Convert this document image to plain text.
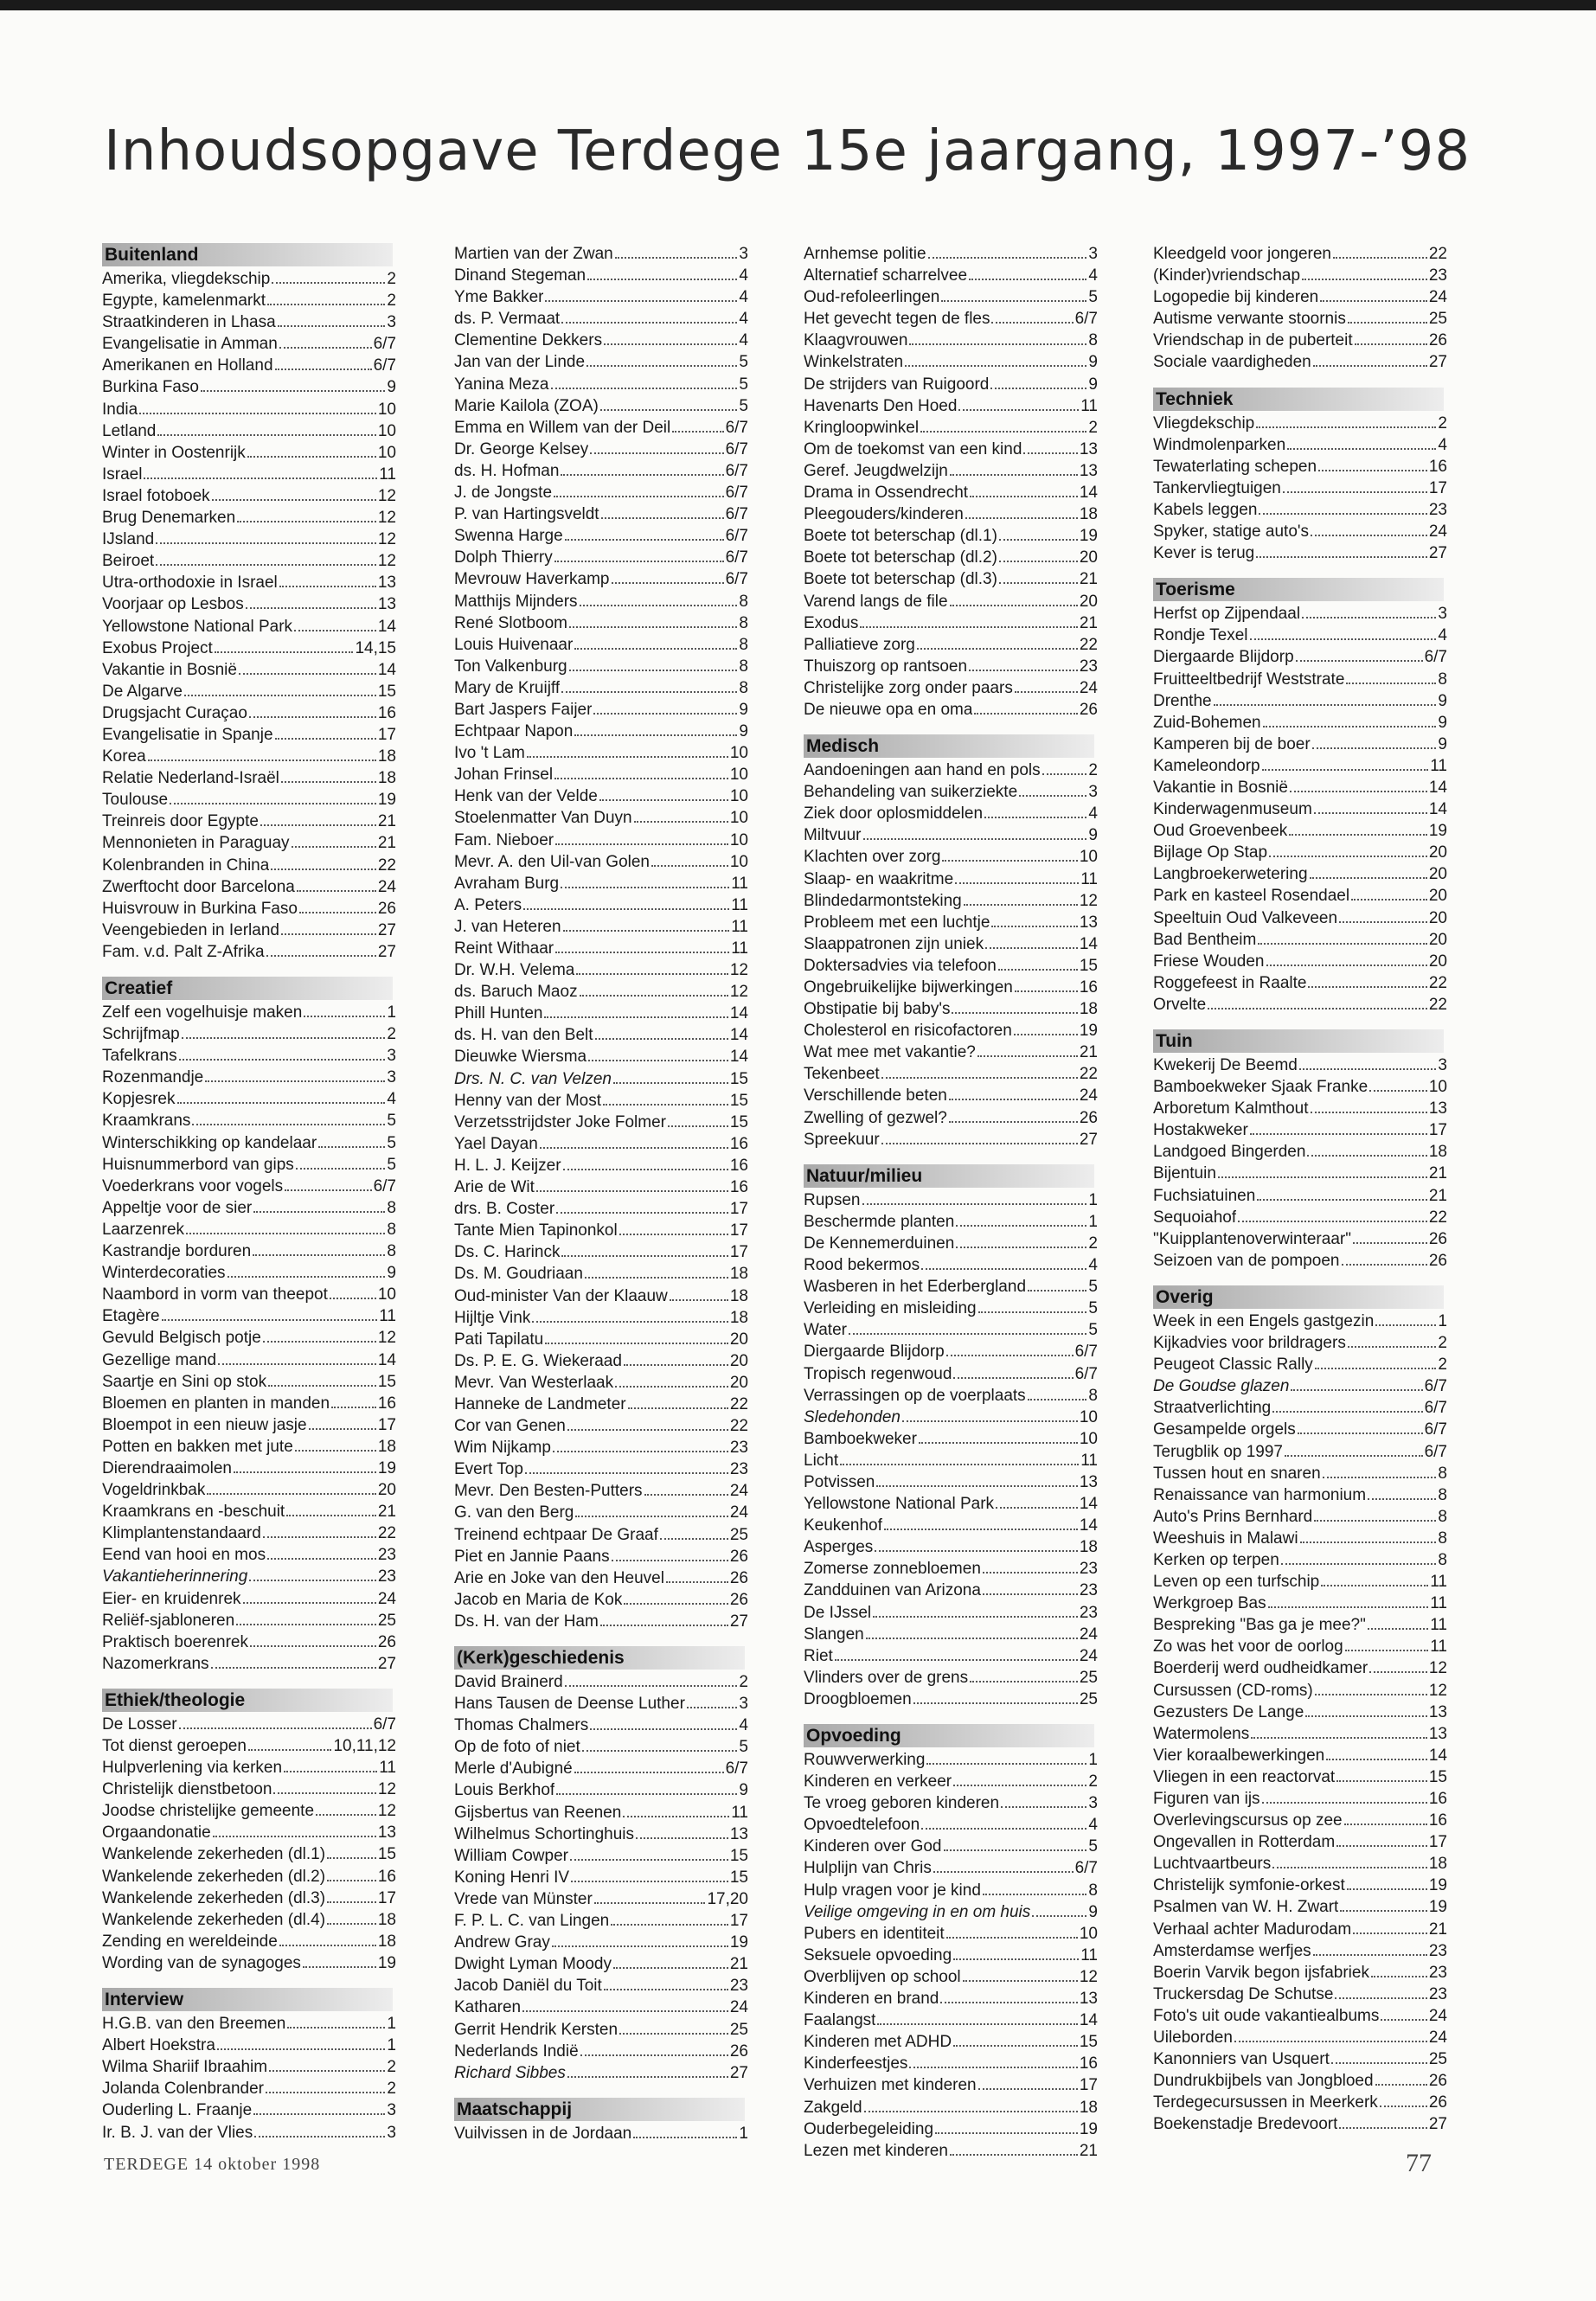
Inhoudsopgave Terdege 15e jaargang, 1997-’98
Buitenland
Amerika, vliegdekschip	2
Egypte, kamelenmarkt	2
Straatkinderen in Lhasa	3
Evangelisatie in Amman	6/7
Amerikanen en Holland	6/7
Burkina Faso	9
India	10
Letland	10
Winter in Oostenrijk	10
Israel	11
Israel fotoboek	12
Brug Denemarken	12
IJsland	12
Beiroet	12
Utra-orthodoxie in Israel	13
Voorjaar op Lesbos	13
Yellowstone National Park	14
Exobus Project	14,15
Vakantie in Bosnië	14
De Algarve	15
Drugsjacht Curaçao	16
Evangelisatie in Spanje	17
Korea	18
Relatie Nederland-Israël	18
Toulouse	19
Treinreis door Egypte	21
Mennonieten in Paraguay	21
Kolenbranden in China	22
Zwerftocht door Barcelona	24
Huisvrouw in Burkina Faso	26
Veengebieden in Ierland	27
Fam. v.d. Palt Z-Afrika	27
Creatief
Zelf een vogelhuisje maken	1
Schrijfmap	2
Tafelkrans	3
Rozenmandje	3
Kopjesrek	4
Kraamkrans	5
Winterschikking op kandelaar	5
Huisnummerbord van gips	5
Voederkrans voor vogels	6/7
Appeltje voor de sier	8
Laarzenrek	8
Kastrandje borduren	8
Winterdecoraties	9
Naambord in vorm van theepot	10
Etagère	11
Gevuld Belgisch potje	12
Gezellige mand	14
Saartje en Sini op stok	15
Bloemen en planten in manden	16
Bloempot in een nieuw jasje	17
Potten en bakken met jute	18
Dierendraaimolen	19
Vogeldrinkbak	20
Kraamkrans en -beschuit	21
Klimplantenstandaard	22
Eend van hooi en mos	23
Vakantieherinnering	23
Eier- en kruidenrek	24
Reliëf-sjabloneren	25
Praktisch boerenrek	26
Nazomerkrans	27
Ethiek/theologie
De Losser	6/7
Tot dienst geroepen	10,11,12
Hulpverlening via kerken	11
Christelijk dienstbetoon	12
Joodse christelijke gemeente	12
Orgaandonatie	13
Wankelende zekerheden (dl.1)	15
Wankelende zekerheden (dl.2)	16
Wankelende zekerheden (dl.3)	17
Wankelende zekerheden (dl.4)	18
Zending en wereldeinde	18
Wording van de synagoges	19
Interview
H.G.B. van den Breemen	1
Albert Hoekstra	1
Wilma Shariif Ibraahim	2
Jolanda Colenbrander	2
Ouderling L. Fraanje	3
Ir. B. J. van der Vlies	3
Martien van der Zwan	3
Dinand Stegeman	4
Yme Bakker	4
ds. P. Vermaat	4
Clementine Dekkers	4
Jan van der Linde	5
Yanina Meza	5
Marie Kailola (ZOA)	5
Emma en Willem van der Deil	6/7
Dr. George Kelsey	6/7
ds. H. Hofman	6/7
J. de Jongste	6/7
P. van Hartingsveldt	6/7
Swenna Harge	6/7
Dolph Thierry	6/7
Mevrouw Haverkamp	6/7
Matthijs Mijnders	8
René Slotboom	8
Louis Huivenaar	8
Ton Valkenburg	8
Mary de Kruijff	8
Bart Jaspers Faijer	9
Echtpaar Napon	9
Ivo 't Lam	10
Johan Frinsel	10
Henk van der Velde	10
Stoelenmatter Van Duyn	10
Fam. Nieboer	10
Mevr. A. den Uil-van Golen	10
Avraham Burg	11
A. Peters	11
J. van Heteren	11
Reint Withaar	11
Dr. W.H. Velema	12
ds. Baruch Maoz	12
Phill Hunten	14
ds. H. van den Belt	14
Dieuwke Wiersma	14
Drs. N. C. van Velzen	15
Henny van der Most	15
Verzetsstrijdster Joke Folmer	15
Yael Dayan	16
H. L. J. Keijzer	16
Arie de Wit	16
drs. B. Coster	17
Tante Mien Tapinonkol	17
Ds. C. Harinck	17
Ds. M. Goudriaan	18
Oud-minister Van der Klaauw	18
Hijltje Vink	18
Pati Tapilatu	20
Ds. P. E. G. Wiekeraad	20
Mevr. Van Westerlaak	20
Hanneke de Landmeter	22
Cor van Genen	22
Wim Nijkamp	23
Evert Top	23
Mevr. Den Besten-Putters	24
G. van den Berg	24
Treinend echtpaar De Graaf	25
Piet en Jannie Paans	26
Arie en Joke van den Heuvel	26
Jacob en Maria de Kok	26
Ds. H. van der Ham	27
(Kerk)geschiedenis
David Brainerd	2
Hans Tausen de Deense Luther	3
Thomas Chalmers	4
Op de foto of niet	5
Merle d'Aubigné	6/7
Louis Berkhof	9
Gijsbertus van Reenen	11
Wilhelmus Schortinghuis	13
William Cowper	15
Koning Henri IV	15
Vrede van Münster	17,20
F. P. L. C. van Lingen	17
Andrew Gray	19
Dwight Lyman Moody	21
Jacob Daniël du Toit	23
Katharen	24
Gerrit Hendrik Kersten	25
Nederlands Indië	26
Richard Sibbes	27
Maatschappij
Vuilvissen in de Jordaan	1
Arnhemse politie	3
Alternatief scharrelvee	4
Oud-refoleerlingen	5
Het gevecht tegen de fles	6/7
Klaagvrouwen	8
Winkelstraten	9
De strijders van Ruigoord	9
Havenarts Den Hoed	11
Kringloopwinkel	2
Om de toekomst van een kind	13
Geref. Jeugdwelzijn	13
Drama in Ossendrecht	14
Pleegouders/kinderen	18
Boete tot beterschap (dl.1)	19
Boete tot beterschap (dl.2)	20
Boete tot beterschap (dl.3)	21
Varend langs de file	20
Exodus	21
Palliatieve zorg	22
Thuiszorg op rantsoen	23
Christelijke zorg onder paars	24
De nieuwe opa en oma	26
Medisch
Aandoeningen aan hand en pols	2
Behandeling van suikerziekte	3
Ziek door oplosmiddelen	4
Miltvuur	9
Klachten over zorg	10
Slaap- en waakritme	11
Blindedarmontsteking	12
Probleem met een luchtje	13
Slaappatronen zijn uniek	14
Doktersadvies via telefoon	15
Ongebruikelijke bijwerkingen	16
Obstipatie bij baby's	18
Cholesterol en risicofactoren	19
Wat mee met vakantie?	21
Tekenbeet	22
Verschillende beten	24
Zwelling of gezwel?	26
Spreekuur	27
Natuur/milieu
Rupsen	1
Beschermde planten	1
De Kennemerduinen	2
Rood bekermos	4
Wasberen in het Ederbergland	5
Verleiding en misleiding	5
Water	5
Diergaarde Blijdorp	6/7
Tropisch regenwoud	6/7
Verrassingen op de voerplaats	8
Sledehonden	10
Bamboekweker	10
Licht	11
Potvissen	13
Yellowstone National Park	14
Keukenhof	14
Asperges	18
Zomerse zonnebloemen	23
Zandduinen van Arizona	23
De IJssel	23
Slangen	24
Riet	24
Vlinders over de grens	25
Droogbloemen	25
Opvoeding
Rouwverwerking	1
Kinderen en verkeer	2
Te vroeg geboren kinderen	3
Opvoedtelefoon	4
Kinderen over God	5
Hulplijn van Chris	6/7
Hulp vragen voor je kind	8
Veilige omgeving in en om huis	9
Pubers en identiteit	10
Seksuele opvoeding	11
Overblijven op school	12
Kinderen en brand	13
Faalangst	14
Kinderen met ADHD	15
Kinderfeestjes	16
Verhuizen met kinderen	17
Zakgeld	18
Ouderbegeleiding	19
Lezen met kinderen	21
Kleedgeld voor jongeren	22
(Kinder)vriendschap	23
Logopedie bij kinderen	24
Autisme verwante stoornis	25
Vriendschap in de puberteit	26
Sociale vaardigheden	27
Techniek
Vliegdekschip	2
Windmolenparken	4
Tewaterlating schepen	16
Tankervliegtuigen	17
Kabels leggen	23
Spyker, statige auto's	24
Kever is terug	27
Toerisme
Herfst op Zijpendaal	3
Rondje Texel	4
Diergaarde Blijdorp	6/7
Fruitteeltbedrijf Weststrate	8
Drenthe	9
Zuid-Bohemen	9
Kamperen bij de boer	9
Kameleondorp	11
Vakantie in Bosnië	14
Kinderwagenmuseum	14
Oud Groevenbeek	19
Bijlage Op Stap	20
Langbroekerwetering	20
Park en kasteel Rosendael	20
Speeltuin Oud Valkeveen	20
Bad Bentheim	20
Friese Wouden	20
Roggefeest in Raalte	22
Orvelte	22
Tuin
Kwekerij De Beemd	3
Bamboekweker Sjaak Franke	10
Arboretum Kalmthout	13
Hostakweker	17
Landgoed Bingerden	18
Bijentuin	21
Fuchsiatuinen	21
Sequoiahof	22
"Kuipplantenoverwinteraar"	26
Seizoen van de pompoen	26
Overig
Week in een Engels gastgezin	1
Kijkadvies voor brildragers	2
Peugeot Classic Rally	2
De Goudse glazen	6/7
Straatverlichting	6/7
Gesampelde orgels	6/7
Terugblik op 1997	6/7
Tussen hout en snaren	8
Renaissance van harmonium	8
Auto's Prins Bernhard	8
Weeshuis in Malawi	8
Kerken op terpen	8
Leven op een turfschip	11
Werkgroep Bas	11
Bespreking "Bas ga je mee?"	11
Zo was het voor de oorlog	11
Boerderij werd oudheidkamer	12
Cursussen (CD-roms)	12
Gezusters De Lange	13
Watermolens	13
Vier koraalbewerkingen	14
Vliegen in een reactorvat	15
Figuren van ijs	16
Overlevingscursus op zee	16
Ongevallen in Rotterdam	17
Luchtvaartbeurs	18
Christelijk symfonie-orkest	19
Psalmen van W. H. Zwart	19
Verhaal achter Madurodam	21
Amsterdamse werfjes	23
Boerin Varvik begon ijsfabriek	23
Truckersdag De Schutse	23
Foto's uit oude vakantiealbums	24
Uileborden	24
Kanonniers van Usquert	25
Dundrukbijbels van Jongbloed	26
Terdegecursussen in Meerkerk	26
Boekenstadje Bredevoort	27
TERDEGE 14 oktober 1998	77
